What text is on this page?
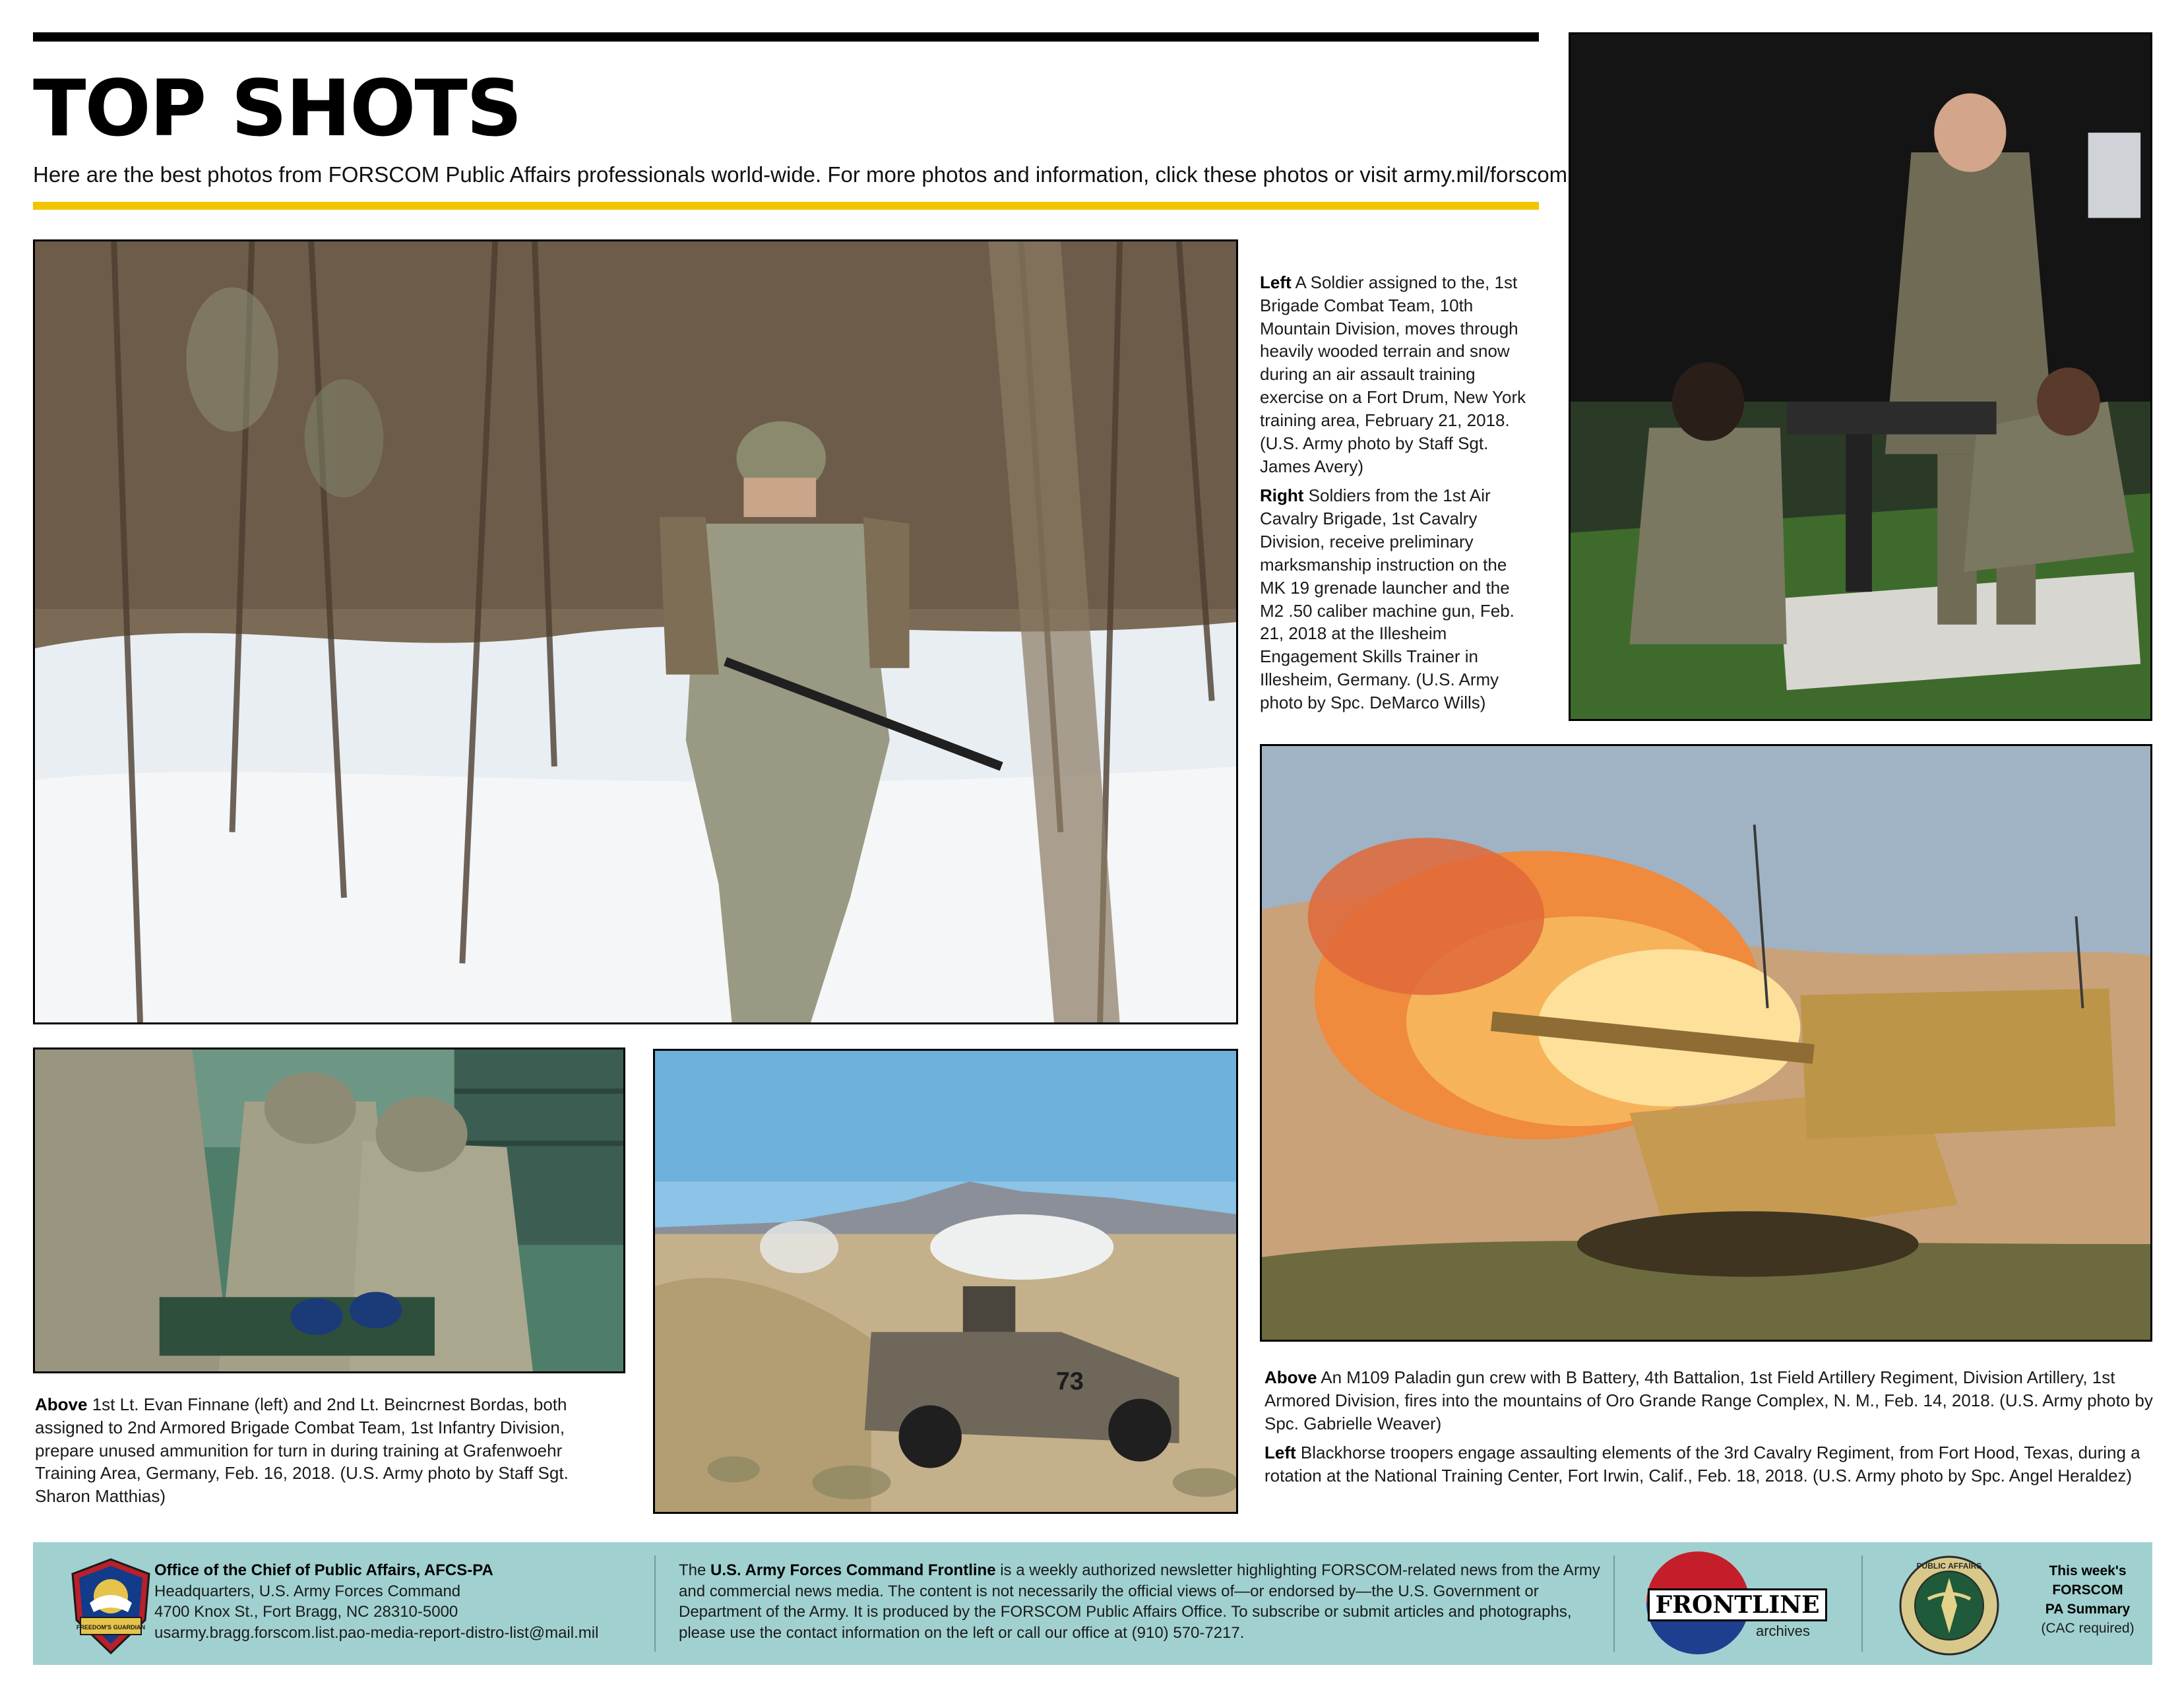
TOP SHOTS
Here are the best photos from FORSCOM Public Affairs professionals world-wide. For more photos and information, click these photos or visit army.mil/forscom

Left A Soldier assigned to the, 1st Brigade Combat Team, 10th Mountain Division, moves through heavily wooded terrain and snow during an air assault training exercise on a Fort Drum, New York training area, February 21, 2018. (U.S. Army photo by Staff Sgt. James Avery)

Right Soldiers from the 1st Air Cavalry Brigade, 1st Cavalry Division, receive preliminary marksmanship instruction on the MK 19 grenade launcher and the M2 .50 caliber machine gun, Feb. 21, 2018 at the Illesheim Engagement Skills Trainer in Illesheim, Germany. (U.S. Army photo by Spc. DeMarco Wills)

Above 1st Lt. Evan Finnane (left) and 2nd Lt. Beincrnest Bordas, both assigned to 2nd Armored Brigade Combat Team, 1st Infantry Division, prepare unused ammunition for turn in during training at Grafenwoehr Training Area, Germany, Feb. 16, 2018. (U.S. Army photo by Staff Sgt. Sharon Matthias)

73	Above An M109 Paladin gun crew with B Battery, 4th Battalion, 1st Field Artillery Regiment, Division Artillery, 1st Armored Division, fires into the mountains of Oro Grande Range Complex, N. M., Feb. 14, 2018. (U.S. Army photo by Spc. Gabrielle Weaver)

Left Blackhorse troopers engage assaulting elements of the 3rd Cavalry Regiment, from Fort Hood, Texas, during a rotation at the National Training Center, Fort Irwin, Calif., Feb. 18, 2018. (U.S. Army photo by Spc. Angel Heraldez)

FREEDOM'S GUARDIAN
Office of the Chief of Public Affairs, AFCS-PA
Headquarters, U.S. Army Forces Command
4700 Knox St., Fort Bragg, NC 28310-5000
usarmy.bragg.forscom.list.pao-media-report-distro-list@mail.mil
The U.S. Army Forces Command Frontline is a weekly authorized newsletter highlighting FORSCOM-related news from the Army and commercial news media. The content is not necessarily the official views of—or endorsed by—the U.S. Government or Department of the Army. It is produced by the FORSCOM Public Affairs Office. To subscribe or submit articles and photographs, please use the contact information on the left or call our office at (910) 570-7217.
FRONTLINE
archives
PUBLIC AFFAIRS	This week's
FORSCOM
PA Summary
(CAC required)
